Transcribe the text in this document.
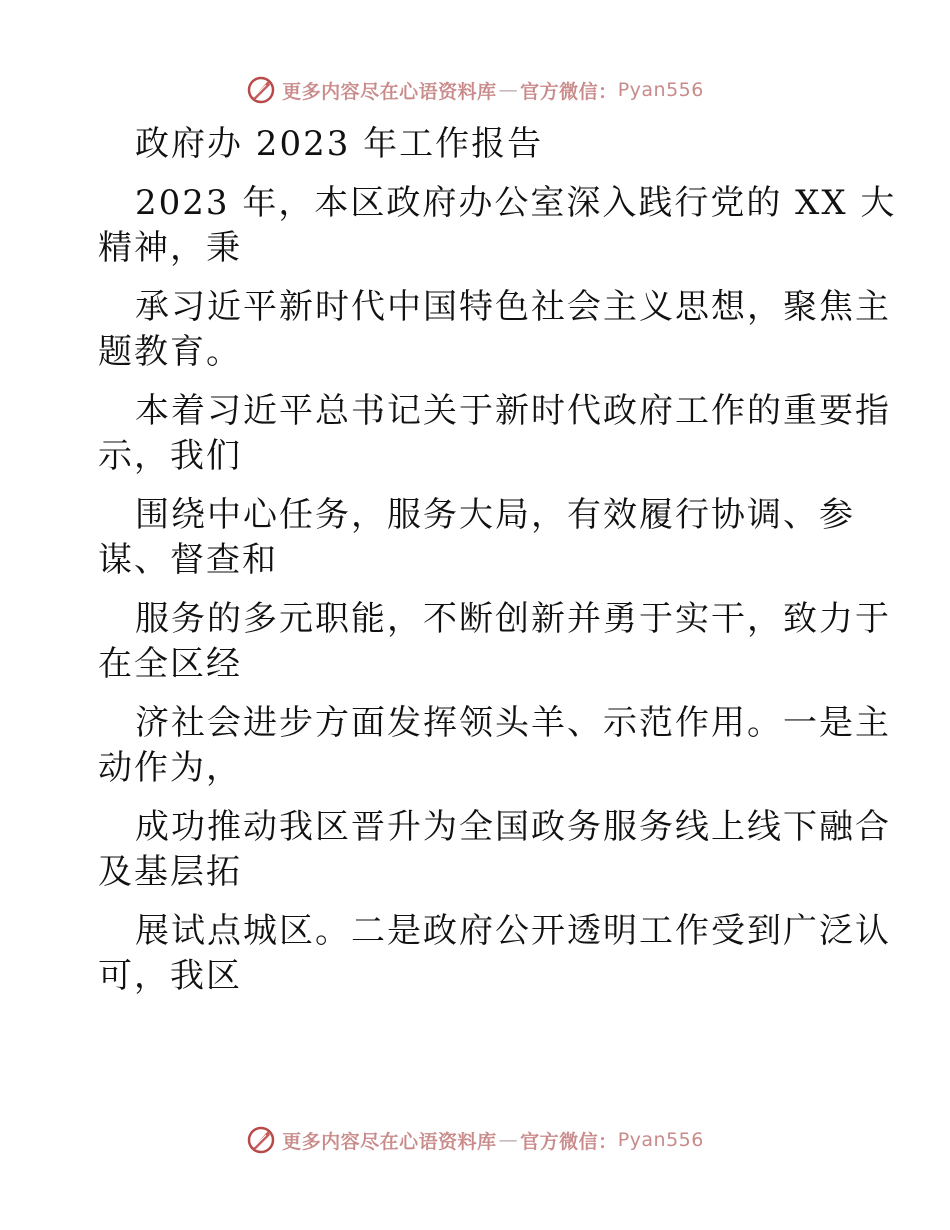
更多内容尽在心语资料库 — 官方微信： Pyan556
政府办 2023 年工作报告
2023 年，本区政府办公室深入践行党的 XX 大
精神，秉
承习近平新时代中国特色社会主义思想，聚焦主
题教育。
本着习近平总书记关于新时代政府工作的重要指
示，我们
围绕中心任务，服务大局，有效履行协调、参
谋、督查和
服务的多元职能，不断创新并勇于实干，致力于
在全区经
济社会进步方面发挥领头羊、示范作用。一是主
动作为，
成功推动我区晋升为全国政务服务线上线下融合
及基层拓
展试点城区。二是政府公开透明工作受到广泛认
可，我区
更多内容尽在心语资料库 — 官方微信： Pyan556
